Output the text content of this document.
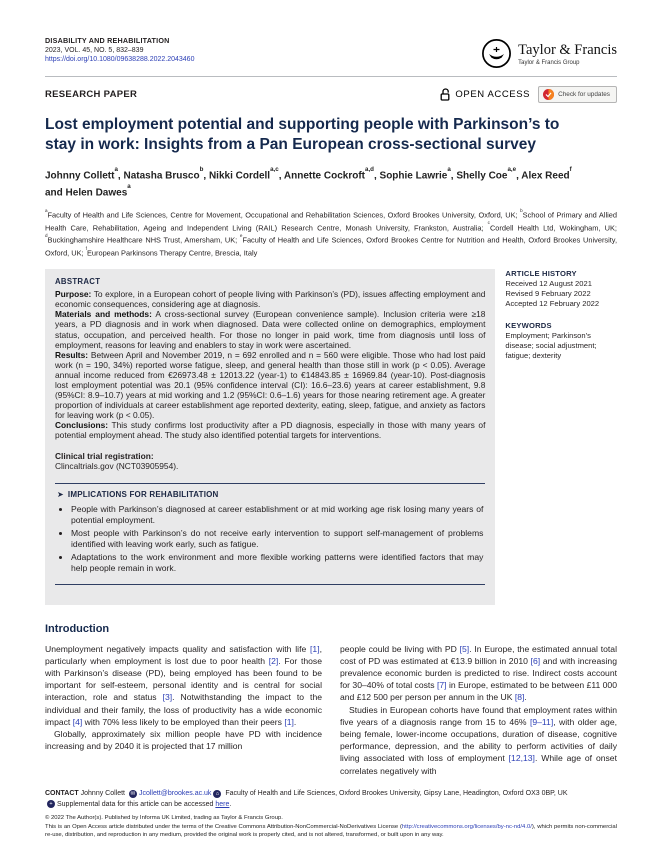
DISABILITY AND REHABILITATION
2023, VOL. 45, NO. 5, 832–839
https://doi.org/10.1080/09638288.2022.2043460
Taylor & Francis
Taylor & Francis Group
RESEARCH PAPER	OPEN ACCESS	Check for updates
Lost employment potential and supporting people with Parkinson’s to stay in work: Insights from a Pan European cross-sectional survey
Johnny Collett$^a$, Natasha Brusco$^b$, Nikki Cordell$^{a,c}$, Annette Cockroft$^{a,d}$, Sophie Lawrie$^a$, Shelly Coe$^{a,e}$, Alex Reed$^f$
and Helen Dawes$^a$
$^a$Faculty of Health and Life Sciences, Centre for Movement, Occupational and Rehabilitation Sciences, Oxford Brookes University, Oxford, UK; $^b$School of Primary and Allied Health Care, Rehabilitation, Ageing and Independent Living (RAIL) Research Centre, Monash University, Frankston, Australia; $^c$Cordell Health Ltd, Wokingham, UK; $^d$Buckinghamshire Healthcare NHS Trust, Amersham, UK; $^e$Faculty of Health and Life Sciences, Oxford Brookes Centre for Nutrition and Health, Oxford Brookes University, Oxford, UK; $^f$European Parkinsons Therapy Centre, Brescia, Italy
ABSTRACT

Purpose: To explore, in a European cohort of people living with Parkinson’s (PD), issues affecting employment and economic consequences, considering age at diagnosis.

Materials and methods: A cross-sectional survey (European convenience sample). Inclusion criteria were ≥18 years, a PD diagnosis and in work when diagnosed. Data were collected online on demographics, employment status, occupation, and perceived health. For those no longer in paid work, time from diagnosis until loss of employment, reasons for leaving and enablers to stay in work were ascertained.

Results: Between April and November 2019, n = 692 enrolled and n = 560 were eligible. Those who had lost paid work (n = 190, 34%) reported worse fatigue, sleep, and general health than those still in work (p < 0.05). Average annual income reduced from €26973.48 ± 12013.22 (year-1) to €14843.85 ± 16969.84 (year-10). Post-diagnosis lost employment potential was 20.1 (95% confidence interval (CI): 16.6–23.6) years at career establishment, 9.8 (95%CI: 8.9–10.7) years at mid working and 1.2 (95%CI: 0.6–1.6) years for those nearing retirement age. A greater proportion of individuals at career establishment age reported dexterity, eating, sleep, fatigue, and anxiety as factors for leaving work (p < 0.05).

Conclusions: This study confirms lost productivity after a PD diagnosis, especially in those with many years of potential employment ahead. The study also identified potential targets for interventions.

Clinical trial registration:
Clincaltrials.gov (NCT03905954).
➤ IMPLICATIONS FOR REHABILITATION
• People with Parkinson’s diagnosed at career establishment or at mid working age risk losing many years of potential employment.
• Most people with Parkinson’s do not receive early intervention to support self-management of problems identified with leaving work early, such as fatigue.
• Adaptations to the work environment and more flexible working patterns were identified factors that may help people remain in work.
ARTICLE HISTORY
Received 12 August 2021
Revised 9 February 2022
Accepted 12 February 2022
KEYWORDS
Employment; Parkinson’s disease; social adjustment; fatigue; dexterity
Introduction

Unemployment negatively impacts quality and satisfaction with life [1], particularly when employment is lost due to poor health [2]. For those with Parkinson’s disease (PD), being employed has been found to be important for self-esteem, personal identity and is central for social interaction, role and status [3]. Notwithstanding the impact to the individual and their family, the loss of productivity has a wide economic impact [4] with 70% less likely to be employed than their peers [1].

Globally, approximately six million people have PD with incidence increasing and by 2040 it is projected that 17 million

people could be living with PD [5]. In Europe, the estimated annual total cost of PD was estimated at €13.9 billion in 2010 [6] and with increasing prevalence economic burden is predicted to rise. Indirect costs account for 30–40% of total costs [7] in Europe, estimated to be between £11 000 and £12 500 per person per annum in the UK [8].

Studies in European cohorts have found that employment rates within five years of a diagnosis range from 15 to 46% [9–11], with older age, being female, lower-income occupations, duration of disease, cognitive performance, depression, and the ability to perform activities of daily living associated with loss of employment [12,13]. While age of onset correlates negatively with

CONTACT Johnny Collett ✉ Jcollett@brookes.ac.uk ⌂ Faculty of Health and Life Sciences, Oxford Brookes University, Gipsy Lane, Headington, Oxford OX3 0BP, UK
+ Supplemental data for this article can be accessed here.
© 2022 The Author(s). Published by Informa UK Limited, trading as Taylor & Francis Group.
This is an Open Access article distributed under the terms of the Creative Commons Attribution-NonCommercial-NoDerivatives License (http://creativecommons.org/licenses/by-nc-nd/4.0/), which permits non-commercial re-use, distribution, and reproduction in any medium, provided the original work is properly cited, and is not altered, transformed, or built upon in any way.
